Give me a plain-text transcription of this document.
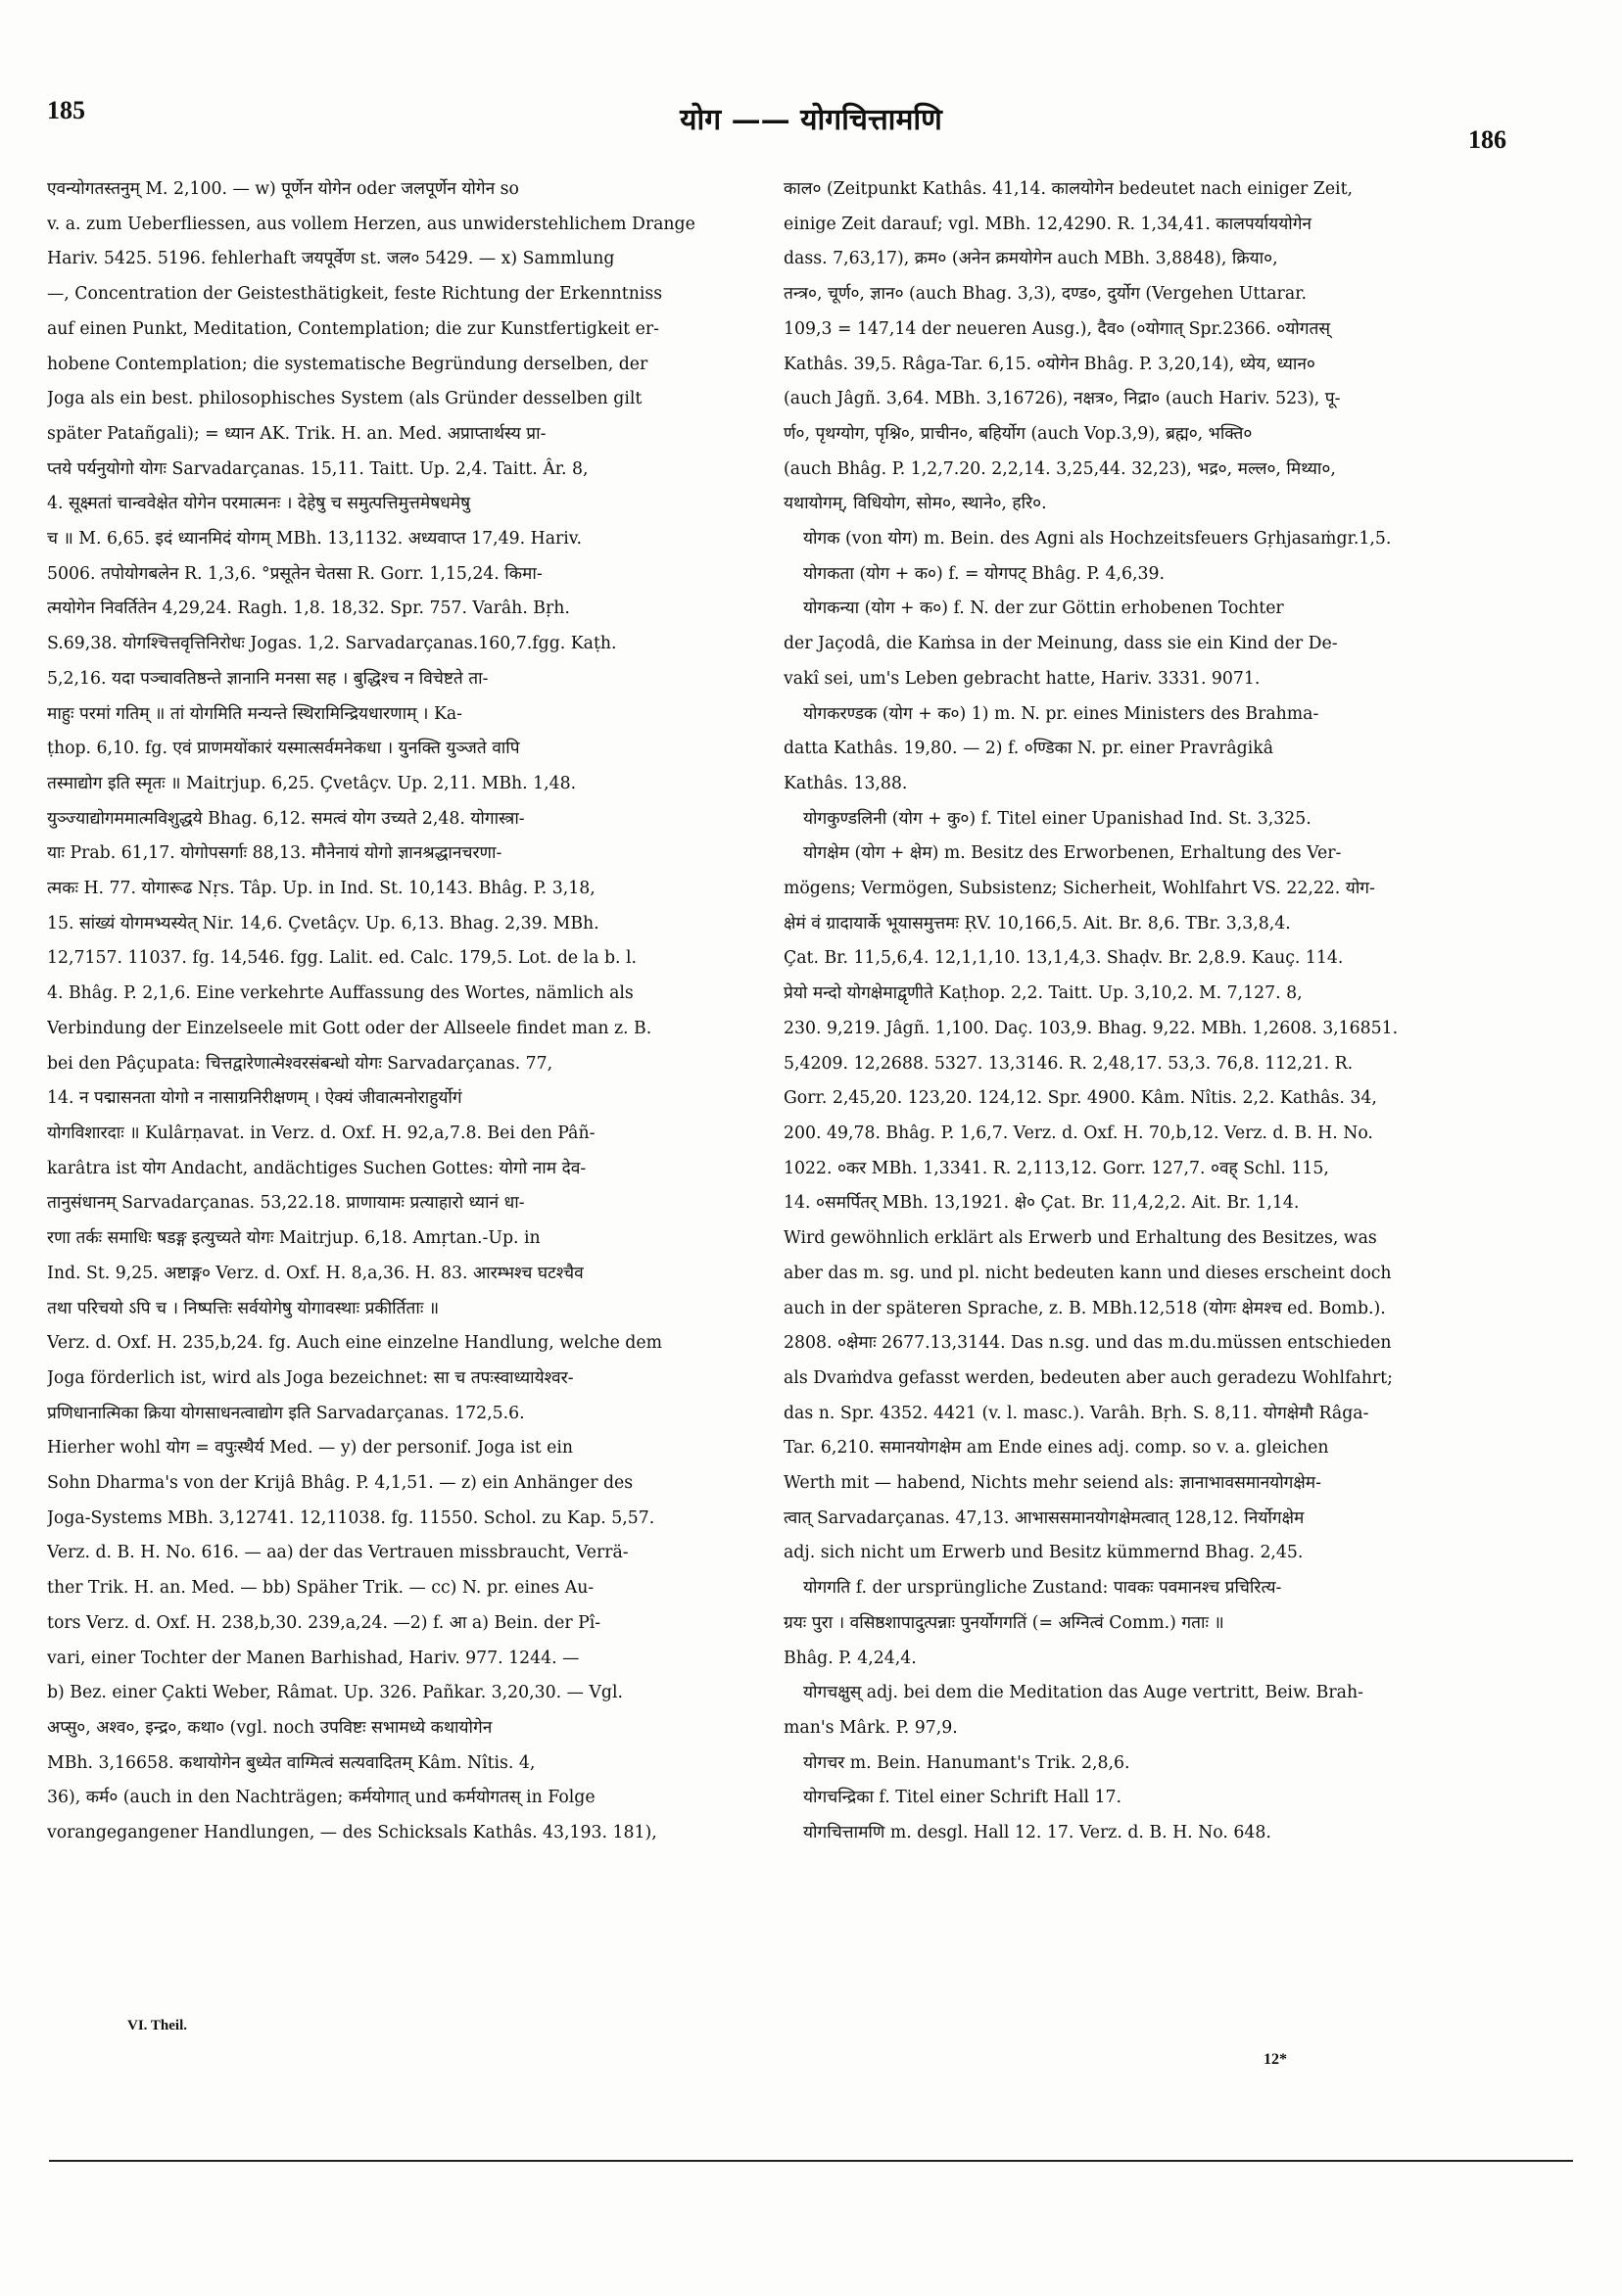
185	योग —— योगचित्तामणि
186
एवन्योगतस्तनुम् M. 2,100. — w) पूर्णेन योगेन oder जलपूर्णेन योगेन so
v. a. zum Ueberfliessen, aus vollem Herzen, aus unwiderstehlichem Drange
Hariv. 5425. 5196. fehlerhaft जयपूर्वेण st. जल० 5429. — x) Sammlung
—, Concentration der Geistesthätigkeit, feste Richtung der Erkenntniss
auf einen Punkt, Meditation, Contemplation; die zur Kunstfertigkeit er-
hobene Contemplation; die systematische Begründung derselben, der
Joga als ein best. philosophisches System (als Gründer desselben gilt
später Patañgali); = ध्यान AK. Trik. H. an. Med. अप्राप्तार्थस्य प्रा-
प्तये पर्यनुयोगो योगः Sarvadarçanas. 15,11. Taitt. Up. 2,4. Taitt. Âr. 8,
4. सूक्ष्मतां चान्ववेक्षेत योगेन परमात्मनः । देहेषु च समुत्पत्तिमुत्तमेषधमेषु
च ॥ M. 6,65. इदं ध्यानमिदं योगम् MBh. 13,1132. अध्यवाप्त 17,49. Hariv.
5006. तपोयोगबलेन R. 1,3,6. °प्रसूतेन चेतसा R. Gorr. 1,15,24. किमा-
त्मयोगेन निवर्तितेन 4,29,24. Ragh. 1,8. 18,32. Spr. 757. Varâh. Bṛh.
S.69,38. योगश्चित्तवृत्तिनिरोधः Jogas. 1,2. Sarvadarçanas.160,7.fgg. Kaṭh.
5,2,16. यदा पञ्चावतिष्ठन्ते ज्ञानानि मनसा सह । बुद्धिश्च न विचेष्टते ता-
माहुः परमां गतिम् ॥ तां योगमिति मन्यन्ते स्थिरामिन्द्रियधारणाम् । Ka-
ṭhop. 6,10. fg. एवं प्राणमयोंकारं यस्मात्सर्वमनेकधा । युनक्ति युञ्जते वापि
तस्माद्योग इति स्मृतः ॥ Maitrjup. 6,25. Çvetâçv. Up. 2,11. MBh. 1,48.
युञ्ज्याद्योगममात्मविशुद्धये Bhag. 6,12. समत्वं योग उच्यते 2,48. योगास्त्रा-
याः Prab. 61,17. योगोपसर्गाः 88,13. मौनेनायं योगो ज्ञानश्रद्धानचरणा-
त्मकः H. 77. योगारूढ Nṛs. Tâp. Up. in Ind. St. 10,143. Bhâg. P. 3,18,
15. सांख्यं योगमभ्यस्येत् Nir. 14,6. Çvetâçv. Up. 6,13. Bhag. 2,39. MBh.
12,7157. 11037. fg. 14,546. fgg. Lalit. ed. Calc. 179,5. Lot. de la b. l.
4. Bhâg. P. 2,1,6. Eine verkehrte Auffassung des Wortes, nämlich als
Verbindung der Einzelseele mit Gott oder der Allseele findet man z. B.
bei den Pâçupata: चित्तद्वारेणात्मेश्वरसंबन्धो योगः Sarvadarçanas. 77,
14. न पद्मासनता योगो न नासाग्रनिरीक्षणम् । ऐक्यं जीवात्मनोराहुर्योगं
योगविशारदाः ॥ Kulârṇavat. in Verz. d. Oxf. H. 92,a,7.8. Bei den Pâñ-
karâtra ist योग Andacht, andächtiges Suchen Gottes: योगो नाम देव-
तानुसंधानम् Sarvadarçanas. 53,22.18. प्राणायामः प्रत्याहारो ध्यानं धा-
रणा तर्कः समाधिः षडङ्ग इत्युच्यते योगः Maitrjup. 6,18. Amṛtan.-Up. in
Ind. St. 9,25. अष्टाङ्ग० Verz. d. Oxf. H. 8,a,36. H. 83. आरम्भश्च घटश्चैव
तथा परिचयो ऽपि च । निष्पत्तिः सर्वयोगेषु योगावस्थाः प्रकीर्तिताः ॥
Verz. d. Oxf. H. 235,b,24. fg. Auch eine einzelne Handlung, welche dem
Joga förderlich ist, wird als Joga bezeichnet: सा च तपःस्वाध्यायेश्वर-
प्रणिधानात्मिका क्रिया योगसाधनत्वाद्योग इति Sarvadarçanas. 172,5.6.
Hierher wohl योग = वपुःस्थैर्य Med. — y) der personif. Joga ist ein
Sohn Dharma's von der Krijâ Bhâg. P. 4,1,51. — z) ein Anhänger des
Joga-Systems MBh. 3,12741. 12,11038. fg. 11550. Schol. zu Kap. 5,57.
Verz. d. B. H. No. 616. — aa) der das Vertrauen missbraucht, Verrä-
ther Trik. H. an. Med. — bb) Späher Trik. — cc) N. pr. eines Au-
tors Verz. d. Oxf. H. 238,b,30. 239,a,24. —2) f. आ a) Bein. der Pî-
vari, einer Tochter der Manen Barhishad, Hariv. 977. 1244. —
b) Bez. einer Çakti Weber, Râmat. Up. 326. Pañkar. 3,20,30. — Vgl.
अप्सु०, अश्व०, इन्द्र०, कथा० (vgl. noch उपविष्टः सभामध्ये कथायोगेन
MBh. 3,16658. कथायोगेन बुध्येत वाग्मित्वं सत्यवादितम् Kâm. Nîtis. 4,
36), कर्म० (auch in den Nachträgen; कर्मयोगात् und कर्मयोगतस् in Folge
vorangegangener Handlungen, — des Schicksals Kathâs. 43,193. 181),
काल० (Zeitpunkt Kathâs. 41,14. कालयोगेन bedeutet nach einiger Zeit,
einige Zeit darauf; vgl. MBh. 12,4290. R. 1,34,41. कालपर्याययोगेन
dass. 7,63,17), क्रम० (अनेन क्रमयोगेन auch MBh. 3,8848), क्रिया०,
तन्त्र०, चूर्ण०, ज्ञान० (auch Bhag. 3,3), दण्ड०, दुर्योग (Vergehen Uttarar.
109,3 = 147,14 der neueren Ausg.), दैव० (०योगात् Spr.2366. ०योगतस्
Kathâs. 39,5. Râga-Tar. 6,15. ०योगेन Bhâg. P. 3,20,14), ध्येय, ध्यान०
(auch Jâgñ. 3,64. MBh. 3,16726), नक्षत्र०, निद्रा० (auch Hariv. 523), पू-
र्ण०, पृथग्योग, पृश्नि०, प्राचीन०, बहिर्योग (auch Vop.3,9), ब्रह्म०, भक्ति०
(auch Bhâg. P. 1,2,7.20. 2,2,14. 3,25,44. 32,23), भद्र०, मल्ल०, मिथ्या०,
यथायोगम्, विधियोग, सोम०, स्थाने०, हरि०.
योगक (von योग) m. Bein. des Agni als Hochzeitsfeuers Gṛhjasaṁgr.1,5.
योगकता (योग + क०) f. = योगपट् Bhâg. P. 4,6,39.
योगकन्या (योग + क०) f. N. der zur Göttin erhobenen Tochter
der Jaçodâ, die Kaṁsa in der Meinung, dass sie ein Kind der De-
vakî sei, um's Leben gebracht hatte, Hariv. 3331. 9071.
योगकरण्डक (योग + क०) 1) m. N. pr. eines Ministers des Brahma-
datta Kathâs. 19,80. — 2) f. ०ण्डिका N. pr. einer Pravrâgikâ
Kathâs. 13,88.
योगकुण्डलिनी (योग + कु०) f. Titel einer Upanishad Ind. St. 3,325.
योगक्षेम (योग + क्षेम) m. Besitz des Erworbenen, Erhaltung des Ver-
mögens; Vermögen, Subsistenz; Sicherheit, Wohlfahrt VS. 22,22. योग-
क्षेमं वं ग्रादायार्के भूयासमुत्तमः ṚV. 10,166,5. Ait. Br. 8,6. TBr. 3,3,8,4.
Çat. Br. 11,5,6,4. 12,1,1,10. 13,1,4,3. Shaḍv. Br. 2,8.9. Kauç. 114.
प्रेयो मन्दो योगक्षेमाद्वृणीते Kaṭhop. 2,2. Taitt. Up. 3,10,2. M. 7,127. 8,
230. 9,219. Jâgñ. 1,100. Daç. 103,9. Bhag. 9,22. MBh. 1,2608. 3,16851.
5,4209. 12,2688. 5327. 13,3146. R. 2,48,17. 53,3. 76,8. 112,21. R.
Gorr. 2,45,20. 123,20. 124,12. Spr. 4900. Kâm. Nîtis. 2,2. Kathâs. 34,
200. 49,78. Bhâg. P. 1,6,7. Verz. d. Oxf. H. 70,b,12. Verz. d. B. H. No.
1022. ०कर MBh. 1,3341. R. 2,113,12. Gorr. 127,7. ०वह् Schl. 115,
14. ०समर्पितर् MBh. 13,1921. क्षे० Çat. Br. 11,4,2,2. Ait. Br. 1,14.
Wird gewöhnlich erklärt als Erwerb und Erhaltung des Besitzes, was
aber das m. sg. und pl. nicht bedeuten kann und dieses erscheint doch
auch in der späteren Sprache, z. B. MBh.12,518 (योगः क्षेमश्च ed. Bomb.).
2808. ०क्षेमाः 2677.13,3144. Das n.sg. und das m.du.müssen entschieden
als Dvaṁdva gefasst werden, bedeuten aber auch geradezu Wohlfahrt;
das n. Spr. 4352. 4421 (v. l. masc.). Varâh. Bṛh. S. 8,11. योगक्षेमौ Râga-
Tar. 6,210. समानयोगक्षेम am Ende eines adj. comp. so v. a. gleichen
Werth mit — habend, Nichts mehr seiend als: ज्ञानाभावसमानयोगक्षेम-
त्वात् Sarvadarçanas. 47,13. आभाससमानयोगक्षेमत्वात् 128,12. निर्योगक्षेम
adj. sich nicht um Erwerb und Besitz kümmernd Bhag. 2,45.
योगगति f. der ursprüngliche Zustand: पावकः पवमानश्च प्रचिरित्य-
ग्रयः पुरा । वसिष्ठशापादुत्पन्नाः पुनर्योगगतिं (= अग्नित्वं Comm.) गताः ॥
Bhâg. P. 4,24,4.
योगचक्षुस् adj. bei dem die Meditation das Auge vertritt, Beiw. Brah-
man's Mârk. P. 97,9.
योगचर m. Bein. Hanumant's Trik. 2,8,6.
योगचन्द्रिका f. Titel einer Schrift Hall 17.
योगचित्तामणि m. desgl. Hall 12. 17. Verz. d. B. H. No. 648.
VI. Theil.
12*
